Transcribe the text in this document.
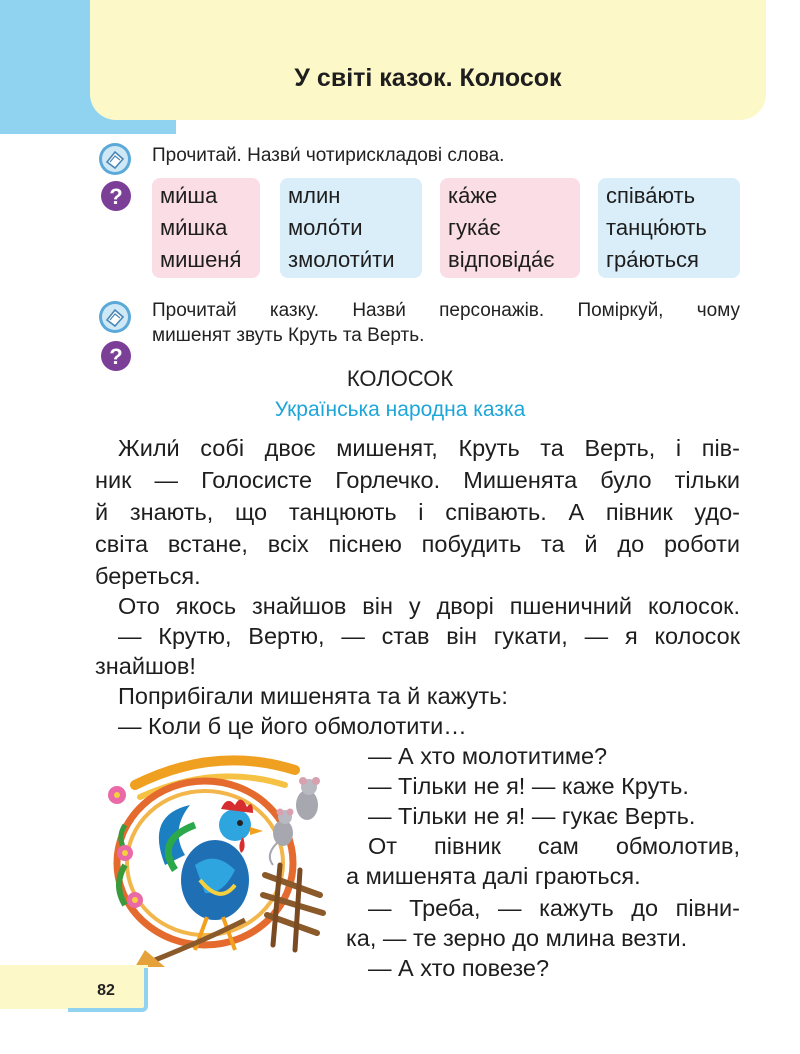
У світі казок. Колосок
?
Прочитай. Назви́ чотирискладові слова.
ми́ша
ми́шка
мишеня́
млин
моло́ти
змолоти́ти
ка́же
гука́є
відповіда́є
співа́ють
танцю́ють
гра́ються
?
Прочитай казку. Назви́ персонажів. Поміркуй, чому
мишенят звуть Круть та Верть.
КОЛОСОК
Українська народна казка
Жили́ собі двоє мишенят, Круть та Верть, і пів-
ник — Голосисте Горлечко. Мишенята було тільки
й знають, що танцюють і співають. А півник удо-
світа встане, всіх піснею побудить та й до роботи
береться.
Ото якось знайшов він у дворі пшеничний колосок.
— Крутю, Вертю, — став він гукати, — я колосок
знайшов!
Поприбігали мишенята та й кажуть:
— Коли б це його обмолотити…
— А хто молотитиме?
— Тільки не я! — каже Круть.
— Тільки не я! — гукає Верть.
От півник сам обмолотив,
а мишенята далі граються.
— Треба, — кажуть до півни-
ка, — те зерно до млина везти.
— А хто повезе?
82
